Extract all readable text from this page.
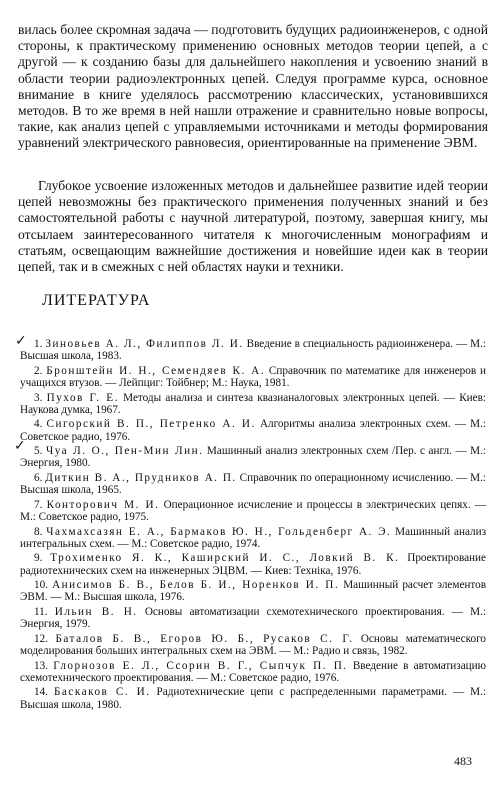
вилась более скромная задача — подготовить будущих радиоинженеров, с одной стороны, к практическому применению основных методов теории цепей, а с другой — к созданию базы для дальнейшего накопления и усвоению знаний в области теории радиоэлектронных цепей. Следуя программе курса, основное внимание в книге уделялось рассмотрению классических, установившихся методов. В то же время в ней нашли отражение и сравнительно новые вопросы, такие, как анализ цепей с управляемыми источниками и методы формирования уравнений электрического равновесия, ориентированные на применение ЭВМ.

Глубокое усвоение изложенных методов и дальнейшее развитие идей теории цепей невозможны без практического применения полученных знаний и без самостоятельной работы с научной литературой, поэтому, завершая книгу, мы отсылаем заинтересованного читателя к многочисленным монографиям и статьям, освещающим важнейшие достижения и новейшие идеи как в теории цепей, так и в смежных с ней областях науки и техники.

ЛИТЕРАТУРА
✓
✓
1. Зиновьев А. Л., Филиппов Л. И. Введение в специальность радиоинженера. — М.: Высшая школа, 1983.
2. Бронштейн И. Н., Семендяев К. А. Справочник по математике для инженеров и учащихся втузов. — Лейпциг: Тойбнер; М.: Наука, 1981.
3. Пухов Г. Е. Методы анализа и синтеза квазианалоговых электронных цепей. — Киев: Наукова думка, 1967.
4. Сигорский В. П., Петренко А. И. Алгоритмы анализа электронных схем. — М.: Советское радио, 1976.
5. Чуа Л. О., Пен-Мин Лин. Машинный анализ электронных схем /Пер. с англ. — М.: Энергия, 1980.
6. Диткин В. А., Прудников А. П. Справочник по операционному исчислению. — М.: Высшая школа, 1965.
7. Конторович М. И. Операционное исчисление и процессы в электрических цепях. — М.: Советское радио, 1975.
8. Чахмахсазян Е. А., Бармаков Ю. Н., Гольденберг А. Э. Машинный анализ интегральных схем. — М.: Советское радио, 1974.
9. Трохименко Я. К., Каширский И. С., Ловкий В. К. Проектирование радиотехнических схем на инженерных ЭЦВМ. — Киев: Техніка, 1976.
10. Анисимов Б. В., Белов Б. И., Норенков И. П. Машинный расчет элементов ЭВМ. — М.: Высшая школа, 1976.
11. Ильин В. Н. Основы автоматизации схемотехнического проектирования. — М.: Энергия, 1979.
12. Баталов Б. В., Егоров Ю. Б., Русаков С. Г. Основы математического моделирования больших интегральных схем на ЭВМ. — М.: Радио и связь, 1982.
13. Глорнозов Е. Л., Ссорин В. Г., Сыпчук П. П. Введение в автоматизацию схемотехнического проектирования. — М.: Советское радио, 1976.
14. Баскаков С. И. Радиотехнические цепи с распределенными параметрами. — М.: Высшая школа, 1980.

483
